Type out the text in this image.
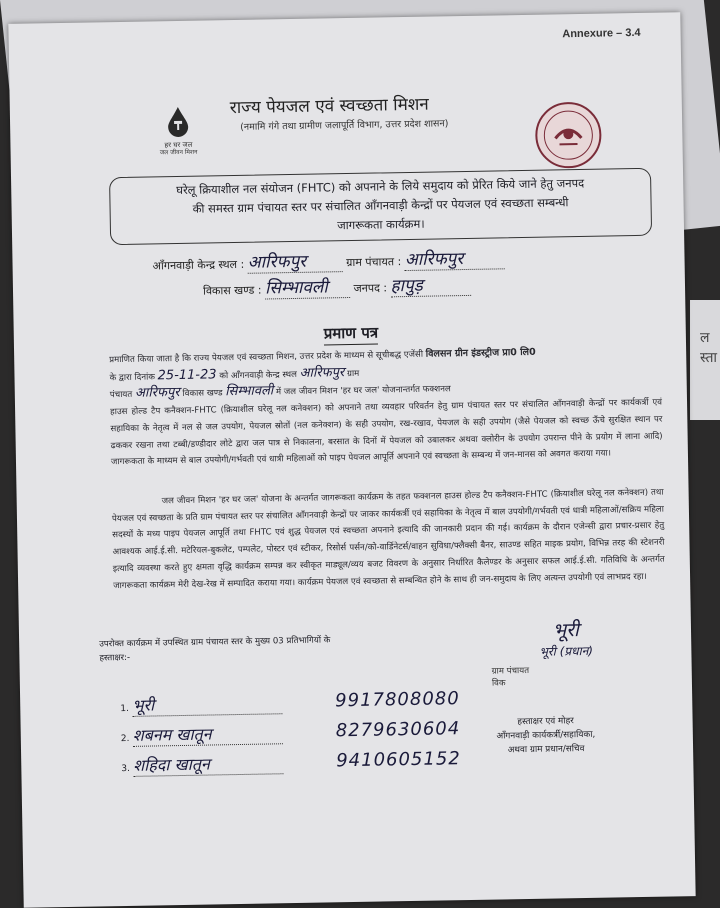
ल
स्ता
Annexure – 3.4
हर घर जल
जल जीवन मिशन
राज्य पेयजल एवं स्वच्छता मिशन
(नमामि गंगे तथा ग्रामीण जलापूर्ति विभाग, उत्तर प्रदेश शासन)
घरेलू क्रियाशील नल संयोजन (FHTC) को अपनाने के लिये समुदाय को प्रेरित किये जाने हेतु जनपद
की समस्त ग्राम पंचायत स्तर पर संचालित आँगनवाड़ी केन्द्रों पर पेयजल एवं स्वच्छता सम्बन्धी
जागरूकता कार्यक्रम।
आँगनवाड़ी केन्द्र स्थल : आरिफपुर	ग्राम पंचायत : आरिफपुर
विकास खण्ड : सिम्भावली जनपद : हापुड़
प्रमाण पत्र
प्रमाणित किया जाता है कि राज्य पेयजल एवं स्वच्छता मिशन, उत्तर प्रदेश के माध्यम से सूचीबद्ध एजेंसी विलसन ग्रीन इंडस्ट्रीज प्रा0 लि0
के द्वारा दिनांक 25-11-23 को आँगनवाड़ी केन्द्र स्थल आरिफपुर ग्राम
पंचायत आरिफपुर विकास खण्ड सिम्भावली में जल जीवन मिशन 'हर घर जल' योजनान्तर्गत फक्शनल
हाउस होल्ड टैप कनैक्शन-FHTC (क्रियाशील घरेलू नल कनेक्शन) को अपनाने तथा व्यवहार परिवर्तन हेतु ग्राम पंचायत स्तर पर संचालित आँगनवाड़ी केन्द्रों पर कार्यकर्त्री एवं सहायिका के नेतृत्व में नल से जल उपयोग, पेयजल स्रोतों (नल कनेक्शन) के सही उपयोग, रख-रखाव, पेयजल के सही उपयोग (जैसे पेयजल को स्वच्छ ऊँचे सुरक्षित स्थान पर ढककर रखना तथा टब्बी/डण्डीदार लोटे द्वारा जल पात्र से निकालना, बरसात के दिनों में पेयजल को उबालकर अथवा क्लोरीन के उपयोग उपरान्त पीने के प्रयोग में लाना आदि) जागरूकता के माध्यम से बाल उपयोगी/गर्भवती एवं धात्री महिलाओं को पाइप पेयजल आपूर्ति अपनाने एवं स्वच्छता के सम्बन्ध में जन-मानस को अवगत कराया गया।
जल जीवन मिशन 'हर घर जल' योजना के अन्तर्गत जागरूकता कार्यक्रम के तहत फक्शनल हाउस होल्ड टैप कनैक्शन-FHTC (क्रियाशील घरेलू नल कनेक्शन) तथा पेयजल एवं स्वच्छता के प्रति ग्राम पंचायत स्तर पर संचालित आँगनवाड़ी केन्द्रों पर जाकर कार्यकर्त्री एवं सहायिका के नेतृत्व में बाल उपयोगी/गर्भवती एवं धात्री महिलाओं/सक्रिय महिला सदस्यों के मध्य पाइप पेयजल आपूर्ति तथा FHTC एवं शुद्ध पेयजल एवं स्वच्छता अपनाने इत्यादि की जानकारी प्रदान की गई। कार्यक्रम के दौरान एजेन्सी द्वारा प्रचार-प्रसार हेतु आवश्यक आई.ई.सी. मटेरियल-बुकलेट, पम्पलेट, पोस्टर एवं स्टीकर, रिसोर्स पर्सन/को-वार्डिनेटर्स/वाहन सुविधा/फ्लैक्सी बैनर, साउण्ड सहित माइक प्रयोग, विभिन्न तरह की स्टेशनरी इत्यादि व्यवस्था करते हुए क्षमता वृद्धि कार्यक्रम सम्पन्न कर स्वीकृत माड्यूल/व्यय बजट विवरण के अनुसार निर्धारित कैलेण्डर के अनुसार सफल आई.ई.सी. गतिविधि के अन्तर्गत जागरूकता कार्यक्रम मेरी देख-रेख में सम्पादित कराया गया। कार्यक्रम पेयजल एवं स्वच्छता से सम्बन्धित होने के साथ ही जन-समुदाय के लिए अत्यन्त उपयोगी एवं लाभप्रद रहा।
उपरोक्त कार्यक्रम में उपस्थित ग्राम पंचायत स्तर के मुख्य 03 प्रतिभागियों के
हस्ताक्षर:-
भूरी
भूरी (प्रधान)
ग्राम पंचायत
विक
1. भूरी	9917808080
2. शबनम खातून	8279630604
3. शहिदा खातून	9410605152
हस्ताक्षर एवं मोहर
आँगनवाड़ी कार्यकर्त्री/सहायिका,
अथवा ग्राम प्रधान/सचिव
